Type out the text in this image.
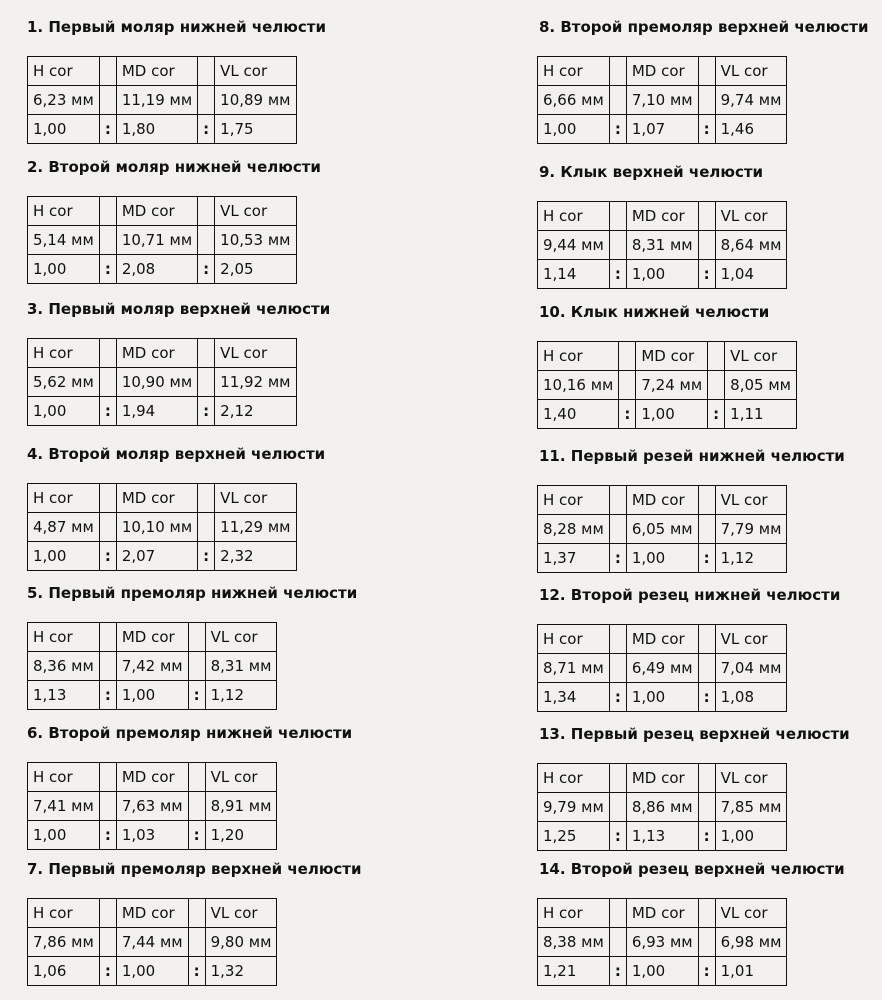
1. Первый моляр нижней челюсти
H cor		MD cor		VL cor
6,23 мм		11,19 мм		10,89 мм
1,00	:	1,80	:	1,75
2. Второй моляр нижней челюсти
H cor		MD cor		VL cor
5,14 мм		10,71 мм		10,53 мм
1,00	:	2,08	:	2,05
3. Первый моляр верхней челюсти
H cor		MD cor		VL cor
5,62 мм		10,90 мм		11,92 мм
1,00	:	1,94	:	2,12
4. Второй моляр верхней челюсти
H cor		MD cor		VL cor
4,87 мм		10,10 мм		11,29 мм
1,00	:	2,07	:	2,32
5. Первый премоляр нижней челюсти
H cor		MD cor		VL cor
8,36 мм		7,42 мм		8,31 мм
1,13	:	1,00	:	1,12
6. Второй премоляр нижней челюсти
H cor		MD cor		VL cor
7,41 мм		7,63 мм		8,91 мм
1,00	:	1,03	:	1,20
7. Первый премоляр верхней челюсти
H cor		MD cor		VL cor
7,86 мм		7,44 мм		9,80 мм
1,06	:	1,00	:	1,32
8. Второй премоляр верхней челюсти
H cor		MD cor		VL cor
6,66 мм		7,10 мм		9,74 мм
1,00	:	1,07	:	1,46
9. Клык верхней челюсти
H cor		MD cor		VL cor
9,44 мм		8,31 мм		8,64 мм
1,14	:	1,00	:	1,04
10. Клык нижней челюсти
H cor		MD cor		VL cor
10,16 мм		7,24 мм		8,05 мм
1,40	:	1,00	:	1,11
11. Первый резей нижней челюсти
H cor		MD cor		VL cor
8,28 мм		6,05 мм		7,79 мм
1,37	:	1,00	:	1,12
12. Второй резец нижней челюсти
H cor		MD cor		VL cor
8,71 мм		6,49 мм		7,04 мм
1,34	:	1,00	:	1,08
13. Первый резец верхней челюсти
H cor		MD cor		VL cor
9,79 мм		8,86 мм		7,85 мм
1,25	:	1,13	:	1,00
14. Второй резец верхней челюсти
H cor		MD cor		VL cor
8,38 мм		6,93 мм		6,98 мм
1,21	:	1,00	:	1,01
